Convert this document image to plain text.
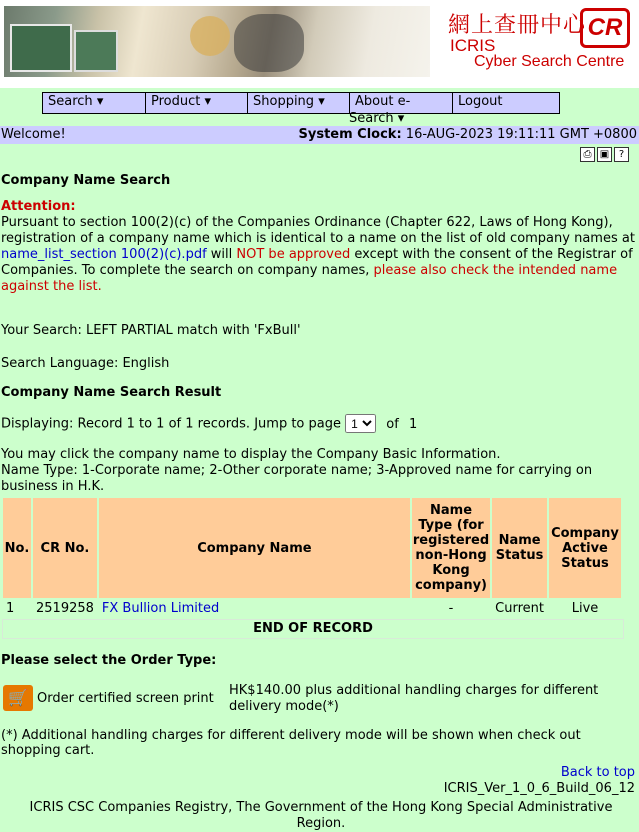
網上查冊中心 CR
ICRIS
Cyber Search Centre
Search ▾	Product ▾	Shopping ▾	About e-	Logout
Search ▾
Welcome!	System Clock: 16-AUG-2023 19:11:11 GMT +0800
⎙ ▣ ?
Company Name Search
Attention:
Pursuant to section 100(2)(c) of the Companies Ordinance (Chapter 622, Laws of Hong Kong), registration of a company name which is identical to a name on the list of old company names at name_list_section 100(2)(c).pdf will NOT be approved except with the consent of the Registrar of Companies. To complete the search on company names, please also check the intended name against the list.
Your Search: LEFT PARTIAL match with 'FxBull'
Search Language: English
Company Name Search Result
Displaying: Record 1 to 1 of 1 records. Jump to page
1	of 1
You may click the company name to display the Company Basic Information.
Name Type: 1-Corporate name; 2-Other corporate name; 3-Approved name for carrying on business in H.K.
No.	CR No.	Company Name	Name Type (for registered non-Hong Kong company)	Name Status	Company Active Status
1	2519258	FX Bullion Limited	-	Current	Live
END OF RECORD
Please select the Order Type:
🛒 Order certified screen print
HK$140.00 plus additional handling charges for different delivery mode(*)
(*) Additional handling charges for different delivery mode will be shown when check out shopping cart.
Back to top
ICRIS_Ver_1_0_6_Build_06_12
ICRIS CSC Companies Registry, The Government of the Hong Kong Special Administrative Region.
